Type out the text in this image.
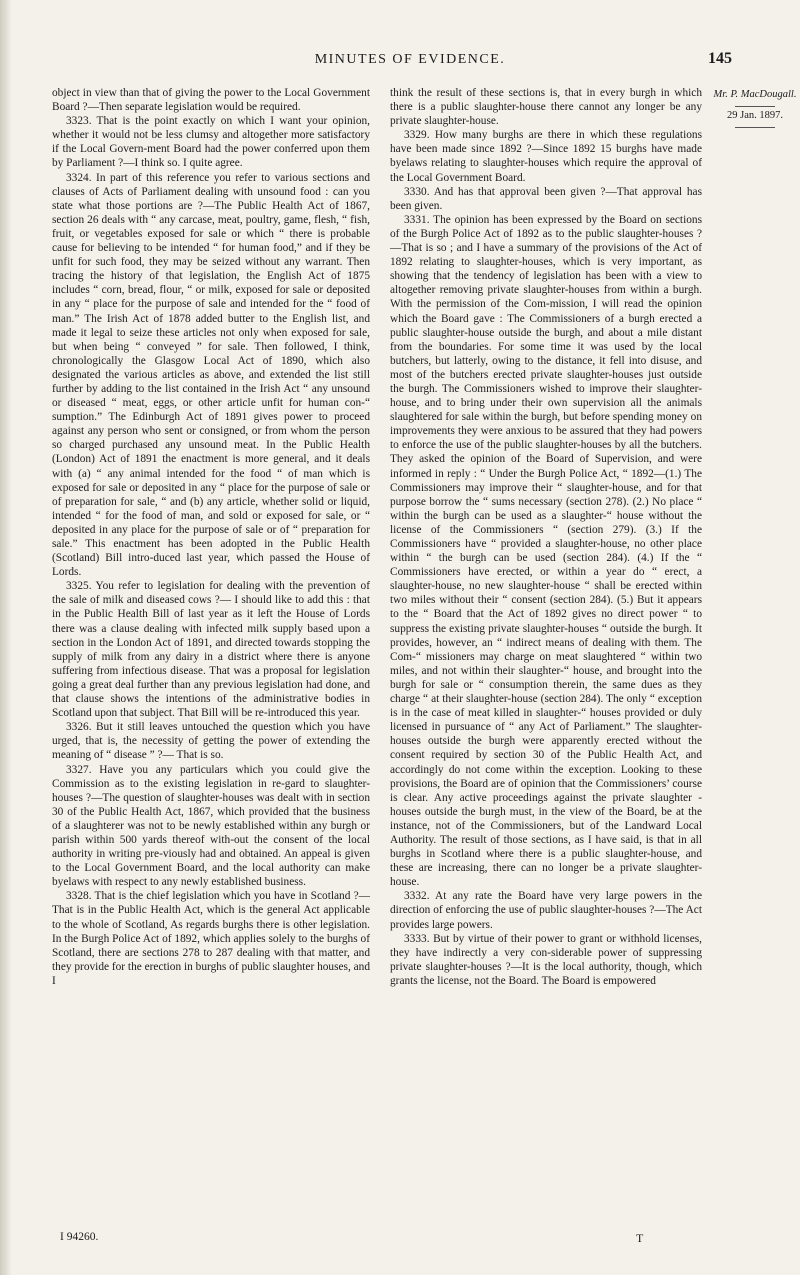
MINUTES OF EVIDENCE.	145

object in view than that of giving the power to the Local Government Board ?—Then separate legislation would be required.

3323. That is the point exactly on which I want your opinion, whether it would not be less clumsy and altogether more satisfactory if the Local Govern-ment Board had the power conferred upon them by Parliament ?—I think so. I quite agree.

3324. In part of this reference you refer to various sections and clauses of Acts of Parliament dealing with unsound food : can you state what those portions are ?—The Public Health Act of 1867, section 26 deals with “ any carcase, meat, poultry, game, flesh, “ fish, fruit, or vegetables exposed for sale or which “ there is probable cause for believing to be intended “ for human food,” and if they be unfit for such food, they may be seized without any warrant. Then tracing the history of that legislation, the English Act of 1875 includes “ corn, bread, flour, “ or milk, exposed for sale or deposited in any “ place for the purpose of sale and intended for the “ food of man.” The Irish Act of 1878 added butter to the English list, and made it legal to seize these articles not only when exposed for sale, but when being “ conveyed ” for sale. Then followed, I think, chronologically the Glasgow Local Act of 1890, which also designated the various articles as above, and extended the list still further by adding to the list contained in the Irish Act “ any unsound or diseased “ meat, eggs, or other article unfit for human con-“ sumption.” The Edinburgh Act of 1891 gives power to proceed against any person who sent or consigned, or from whom the person so charged purchased any unsound meat. In the Public Health (London) Act of 1891 the enactment is more general, and it deals with (a) “ any animal intended for the food “ of man which is exposed for sale or deposited in any “ place for the purpose of sale or of preparation for sale, “ and (b) any article, whether solid or liquid, intended “ for the food of man, and sold or exposed for sale, or “ deposited in any place for the purpose of sale or of “ preparation for sale.” This enactment has been adopted in the Public Health (Scotland) Bill intro-duced last year, which passed the House of Lords.

3325. You refer to legislation for dealing with the prevention of the sale of milk and diseased cows ?— I should like to add this : that in the Public Health Bill of last year as it left the House of Lords there was a clause dealing with infected milk supply based upon a section in the London Act of 1891, and directed towards stopping the supply of milk from any dairy in a district where there is anyone suffering from infectious disease. That was a proposal for legislation going a great deal further than any previous legislation had done, and that clause shows the intentions of the administrative bodies in Scotland upon that subject. That Bill will be re-introduced this year.

3326. But it still leaves untouched the question which you have urged, that is, the necessity of getting the power of extending the meaning of “ disease ” ?— That is so.

3327. Have you any particulars which you could give the Commission as to the existing legislation in re-gard to slaughter-houses ?—The question of slaughter-houses was dealt with in section 30 of the Public Health Act, 1867, which provided that the business of a slaughterer was not to be newly established within any burgh or parish within 500 yards thereof with-out the consent of the local authority in writing pre-viously had and obtained. An appeal is given to the Local Government Board, and the local authority can make byelaws with respect to any newly established business.

3328. That is the chief legislation which you have in Scotland ?—That is in the Public Health Act, which is the general Act applicable to the whole of Scotland, As regards burghs there is other legislation. In the Burgh Police Act of 1892, which applies solely to the burghs of Scotland, there are sections 278 to 287 dealing with that matter, and they provide for the erection in burghs of public slaughter houses, and I

think the result of these sections is, that in every burgh in which there is a public slaughter-house there cannot any longer be any private slaughter-house.

3329. How many burghs are there in which these regulations have been made since 1892 ?—Since 1892 15 burghs have made byelaws relating to slaughter-houses which require the approval of the Local Government Board.

3330. And has that approval been given ?—That approval has been given.

3331. The opinion has been expressed by the Board on sections of the Burgh Police Act of 1892 as to the public slaughter-houses ?—That is so ; and I have a summary of the provisions of the Act of 1892 relating to slaughter-houses, which is very important, as showing that the tendency of legislation has been with a view to altogether removing private slaughter-houses from within a burgh. With the permission of the Com-mission, I will read the opinion which the Board gave : The Commissioners of a burgh erected a public slaughter-house outside the burgh, and about a mile distant from the boundaries. For some time it was used by the local butchers, but latterly, owing to the distance, it fell into disuse, and most of the butchers erected private slaughter-houses just outside the burgh. The Commissioners wished to improve their slaughter-house, and to bring under their own supervision all the animals slaughtered for sale within the burgh, but before spending money on improvements they were anxious to be assured that they had powers to enforce the use of the public slaughter-houses by all the butchers. They asked the opinion of the Board of Supervision, and were informed in reply : “ Under the Burgh Police Act, “ 1892—(1.) The Commissioners may improve their “ slaughter-house, and for that purpose borrow the “ sums necessary (section 278). (2.) No place “ within the burgh can be used as a slaughter-“ house without the license of the Commissioners “ (section 279). (3.) If the Commissioners have “ provided a slaughter-house, no other place within “ the burgh can be used (section 284). (4.) If the “ Commissioners have erected, or within a year do “ erect, a slaughter-house, no new slaughter-house “ shall be erected within two miles without their “ consent (section 284). (5.) But it appears to the “ Board that the Act of 1892 gives no direct power “ to suppress the existing private slaughter-houses “ outside the burgh. It provides, however, an “ indirect means of dealing with them. The Com-“ missioners may charge on meat slaughtered “ within two miles, and not within their slaughter-“ house, and brought into the burgh for sale or “ consumption therein, the same dues as they charge “ at their slaughter-house (section 284). The only “ exception is in the case of meat killed in slaughter-“ houses provided or duly licensed in pursuance of “ any Act of Parliament.” The slaughter-houses outside the burgh were apparently erected without the consent required by section 30 of the Public Health Act, and accordingly do not come within the exception. Looking to these provisions, the Board are of opinion that the Commissioners’ course is clear. Any active proceedings against the private slaughter - houses outside the burgh must, in the view of the Board, be at the instance, not of the Commissioners, but of the Landward Local Authority. The result of those sections, as I have said, is that in all burghs in Scotland where there is a public slaughter-house, and these are increasing, there can no longer be a private slaughter-house.

3332. At any rate the Board have very large powers in the direction of enforcing the use of public slaughter-houses ?—The Act provides large powers.

3333. But by virtue of their power to grant or withhold licenses, they have indirectly a very con-siderable power of suppressing private slaughter-houses ?—It is the local authority, though, which grants the license, not the Board. The Board is empowered

Mr. P. MacDougall.
29 Jan. 1897.
I 94260.	T
